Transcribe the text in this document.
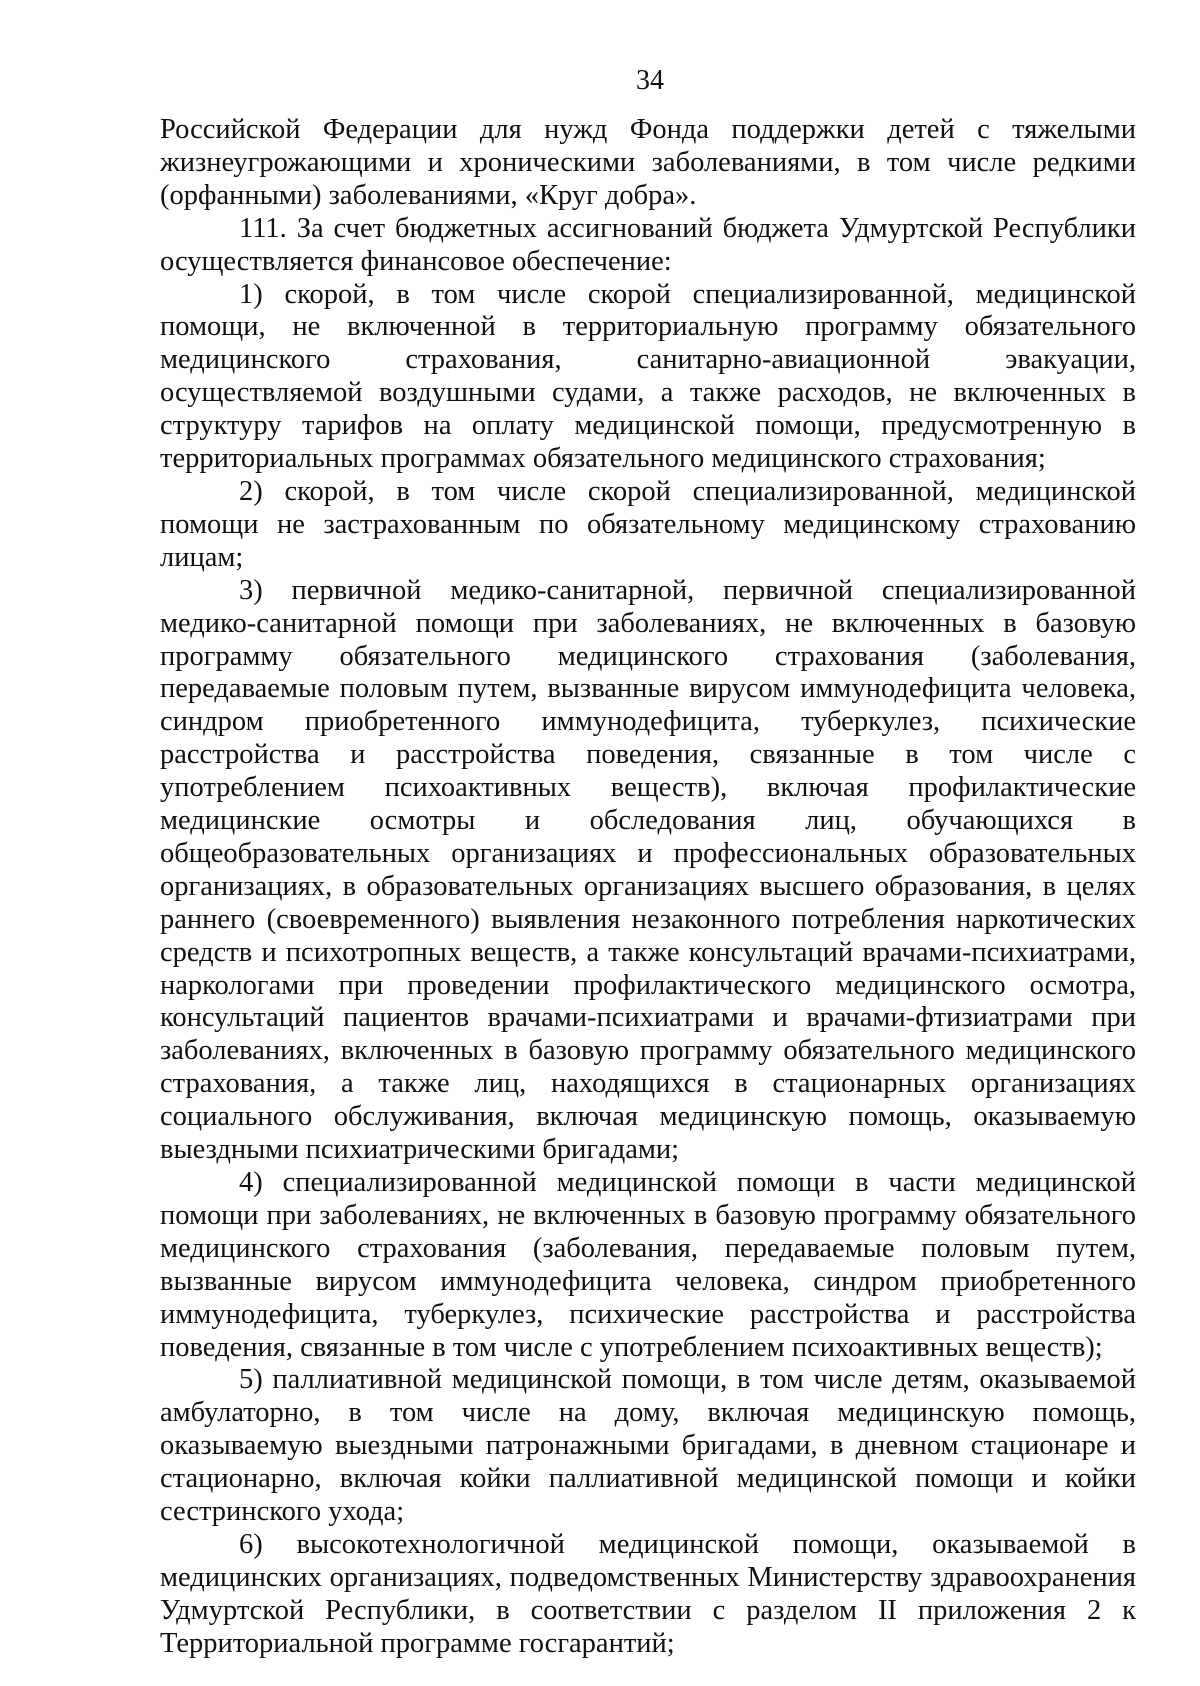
34

Российской Федерации для нужд Фонда поддержки детей с тяжелыми жизнеугрожающими и хроническими заболеваниями, в том числе редкими (орфанными) заболеваниями, «Круг добра».

111. За счет бюджетных ассигнований бюджета Удмуртской Республики осуществляется финансовое обеспечение:

1) скорой, в том числе скорой специализированной, медицинской помощи, не включенной в территориальную программу обязательного медицинского страхования, санитарно-авиационной эвакуации, осуществляемой воздушными судами, а также расходов, не включенных в структуру тарифов на оплату медицинской помощи, предусмотренную в территориальных программах обязательного медицинского страхования;

2) скорой, в том числе скорой специализированной, медицинской помощи не застрахованным по обязательному медицинскому страхованию лицам;

3) первичной медико-санитарной, первичной специализированной медико-санитарной помощи при заболеваниях, не включенных в базовую программу обязательного медицинского страхования (заболевания, передаваемые половым путем, вызванные вирусом иммунодефицита человека, синдром приобретенного иммунодефицита, туберкулез, психические расстройства и расстройства поведения, связанные в том числе с употреблением психоактивных веществ), включая профилактические медицинские осмотры и обследования лиц, обучающихся в общеобразовательных организациях и профессиональных образовательных организациях, в образовательных организациях высшего образования, в целях раннего (своевременного) выявления незаконного потребления наркотических средств и психотропных веществ, а также консультаций врачами-психиатрами, наркологами при проведении профилактического медицинского осмотра, консультаций пациентов врачами-психиатрами и врачами-фтизиатрами при заболеваниях, включенных в базовую программу обязательного медицинского страхования, а также лиц, находящихся в стационарных организациях социального обслуживания, включая медицинскую помощь, оказываемую выездными психиатрическими бригадами;

4) специализированной медицинской помощи в части медицинской помощи при заболеваниях, не включенных в базовую программу обязательного медицинского страхования (заболевания, передаваемые половым путем, вызванные вирусом иммунодефицита человека, синдром приобретенного иммунодефицита, туберкулез, психические расстройства и расстройства поведения, связанные в том числе с употреблением психоактивных веществ);

5) паллиативной медицинской помощи, в том числе детям, оказываемой амбулаторно, в том числе на дому, включая медицинскую помощь, оказываемую выездными патронажными бригадами, в дневном стационаре и стационарно, включая койки паллиативной медицинской помощи и койки сестринского ухода;

6) высокотехнологичной медицинской помощи, оказываемой в медицинских организациях, подведомственных Министерству здравоохранения Удмуртской Республики, в соответствии с разделом II приложения 2 к Территориальной программе госгарантий;
